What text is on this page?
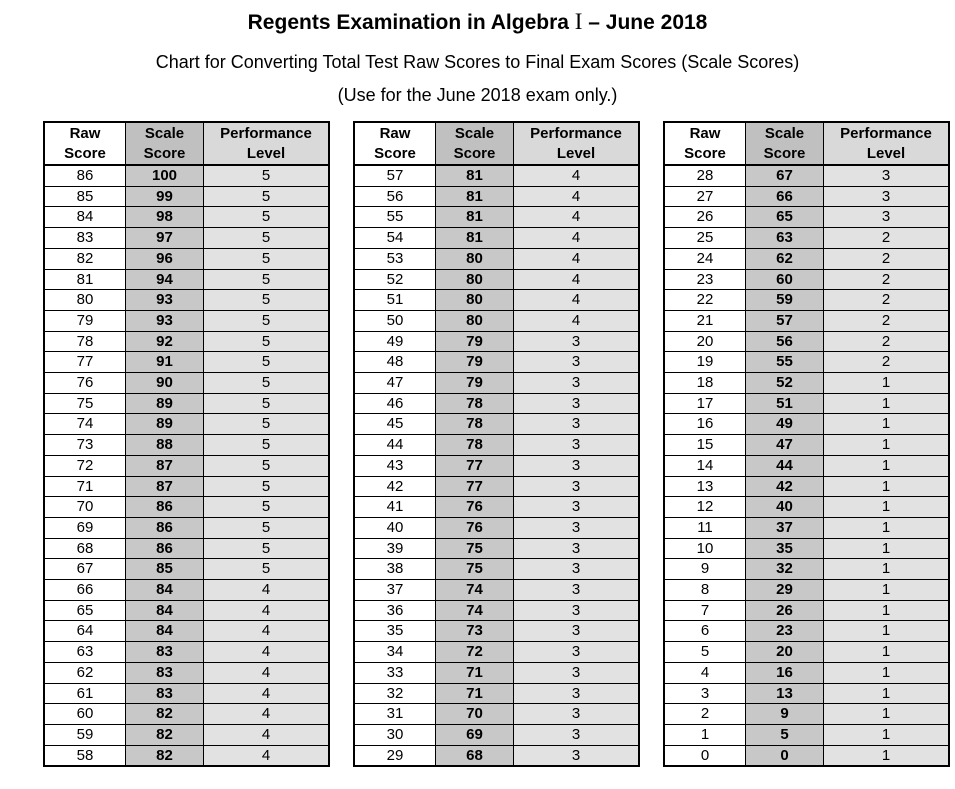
Regents Examination in Algebra I – June 2018
Chart for Converting Total Test Raw Scores to Final Exam Scores (Scale Scores)
(Use for the June 2018 exam only.)
Raw
Score

Scale
Score

Performance
Level

86	100	5
85	99	5
84	98	5
83	97	5
82	96	5
81	94	5
80	93	5
79	93	5
78	92	5
77	91	5
76	90	5
75	89	5
74	89	5
73	88	5
72	87	5
71	87	5
70	86	5
69	86	5
68	86	5
67	85	5
66	84	4
65	84	4
64	84	4
63	83	4
62	83	4
61	83	4
60	82	4
59	82	4
58	82	4
Raw
Score

Scale
Score

Performance
Level

57	81	4
56	81	4
55	81	4
54	81	4
53	80	4
52	80	4
51	80	4
50	80	4
49	79	3
48	79	3
47	79	3
46	78	3
45	78	3
44	78	3
43	77	3
42	77	3
41	76	3
40	76	3
39	75	3
38	75	3
37	74	3
36	74	3
35	73	3
34	72	3
33	71	3
32	71	3
31	70	3
30	69	3
29	68	3
Raw
Score

Scale
Score

Performance
Level

28	67	3
27	66	3
26	65	3
25	63	2
24	62	2
23	60	2
22	59	2
21	57	2
20	56	2
19	55	2
18	52	1
17	51	1
16	49	1
15	47	1
14	44	1
13	42	1
12	40	1
11	37	1
10	35	1
9	32	1
8	29	1
7	26	1
6	23	1
5	20	1
4	16	1
3	13	1
2	9	1
1	5	1
0	0	1
